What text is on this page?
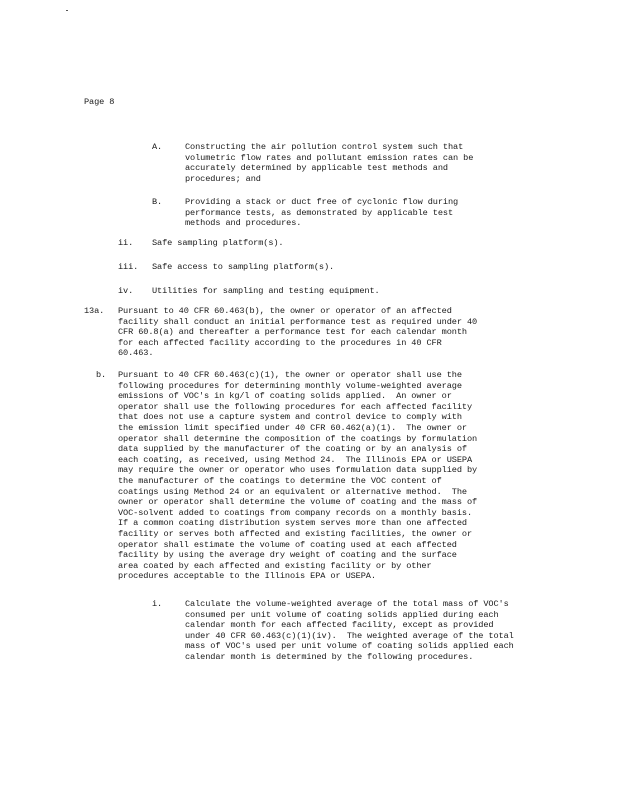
Page 8
A.	Constructing the air pollution control system such that
volumetric flow rates and pollutant emission rates can be
accurately determined by applicable test methods and
procedures; and
B.	Providing a stack or duct free of cyclonic flow during
performance tests, as demonstrated by applicable test
methods and procedures.
ii. Safe sampling platform(s).
iii. Safe access to sampling platform(s).
iv. Utilities for sampling and testing equipment.
13a. Pursuant to 40 CFR 60.463(b), the owner or operator of an affected
facility shall conduct an initial performance test as required under 40
CFR 60.8(a) and thereafter a performance test for each calendar month
for each affected facility according to the procedures in 40 CFR
60.463.
b. Pursuant to 40 CFR 60.463(c)(1), the owner or operator shall use the
following procedures for determining monthly volume-weighted average
emissions of VOC's in kg/l of coating solids applied.  An owner or
operator shall use the following procedures for each affected facility
that does not use a capture system and control device to comply with
the emission limit specified under 40 CFR 60.462(a)(1).  The owner or
operator shall determine the composition of the coatings by formulation
data supplied by the manufacturer of the coating or by an analysis of
each coating, as received, using Method 24.  The Illinois EPA or USEPA
may require the owner or operator who uses formulation data supplied by
the manufacturer of the coatings to determine the VOC content of
coatings using Method 24 or an equivalent or alternative method.  The
owner or operator shall determine the volume of coating and the mass of
VOC-solvent added to coatings from company records on a monthly basis.
If a common coating distribution system serves more than one affected
facility or serves both affected and existing facilities, the owner or
operator shall estimate the volume of coating used at each affected
facility by using the average dry weight of coating and the surface
area coated by each affected and existing facility or by other
procedures acceptable to the Illinois EPA or USEPA.
i.	Calculate the volume-weighted average of the total mass of VOC's
consumed per unit volume of coating solids applied during each
calendar month for each affected facility, except as provided
under 40 CFR 60.463(c)(1)(iv).  The weighted average of the total
mass of VOC's used per unit volume of coating solids applied each
calendar month is determined by the following procedures.
